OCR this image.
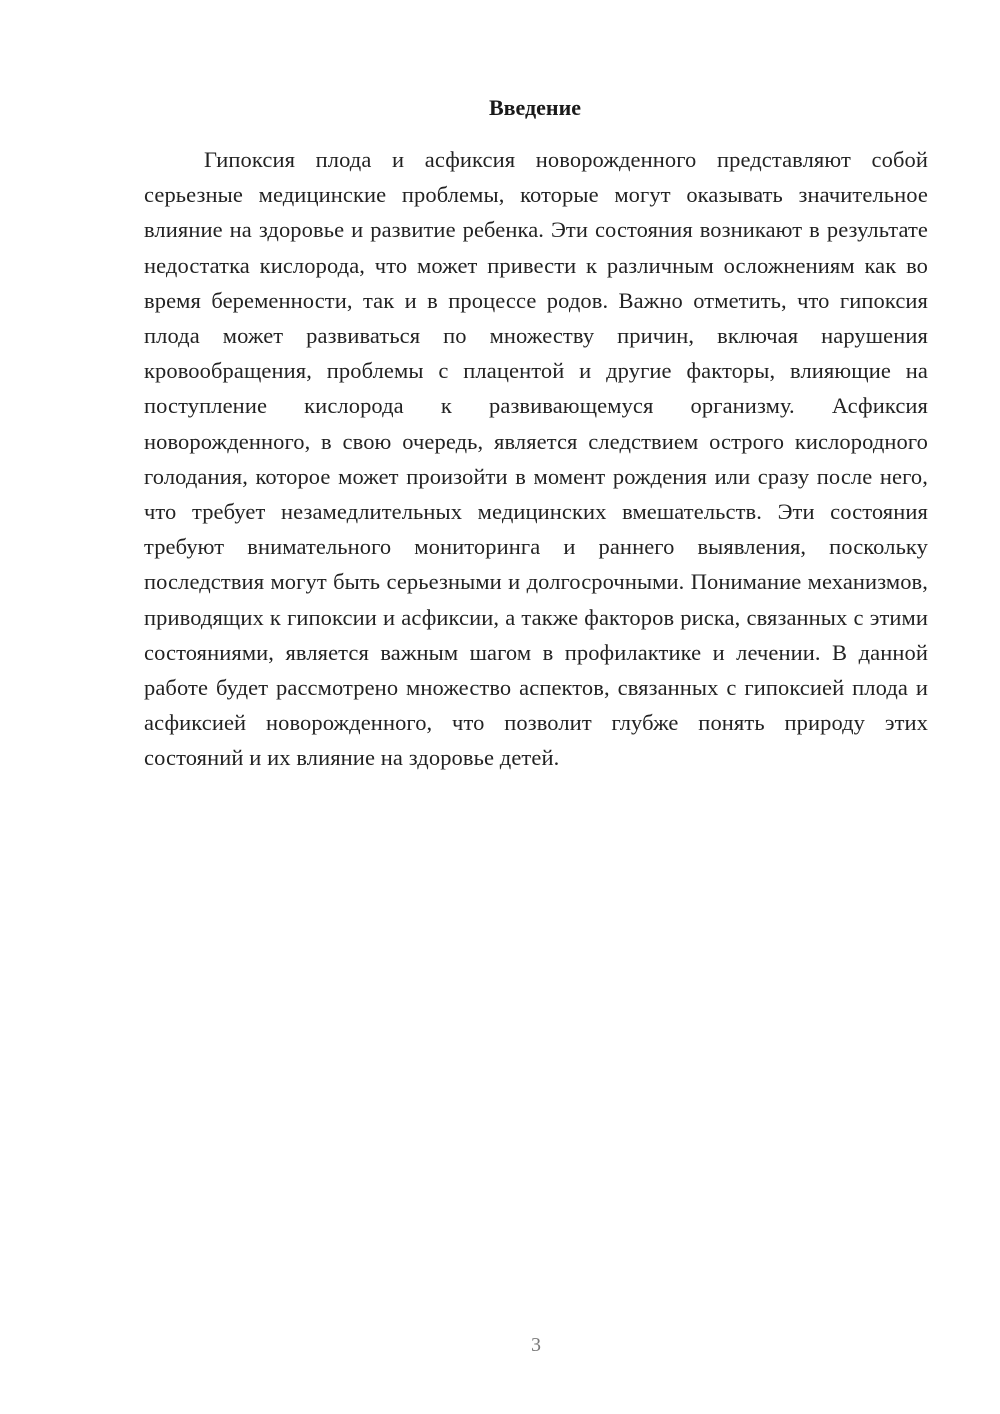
Введение

Гипоксия плода и асфиксия новорожденного представляют собой серьезные медицинские проблемы, которые могут оказывать значительное влияние на здоровье и развитие ребенка. Эти состояния возникают в результате недостатка кислорода, что может привести к различным осложнениям как во время беременности, так и в процессе родов. Важно отметить, что гипоксия плода может развиваться по множеству причин, включая нарушения кровообращения, проблемы с плацентой и другие факторы, влияющие на поступление кислорода к развивающемуся организму. Асфиксия новорожденного, в свою очередь, является следствием острого кислородного голодания, которое может произойти в момент рождения или сразу после него, что требует незамедлительных медицинских вмешательств. Эти состояния требуют внимательного мониторинга и раннего выявления, поскольку последствия могут быть серьезными и долгосрочными. Понимание механизмов, приводящих к гипоксии и асфиксии, а также факторов риска, связанных с этими состояниями, является важным шагом в профилактике и лечении. В данной работе будет рассмотрено множество аспектов, связанных с гипоксией плода и асфиксией новорожденного, что позволит глубже понять природу этих состояний и их влияние на здоровье детей.

3
